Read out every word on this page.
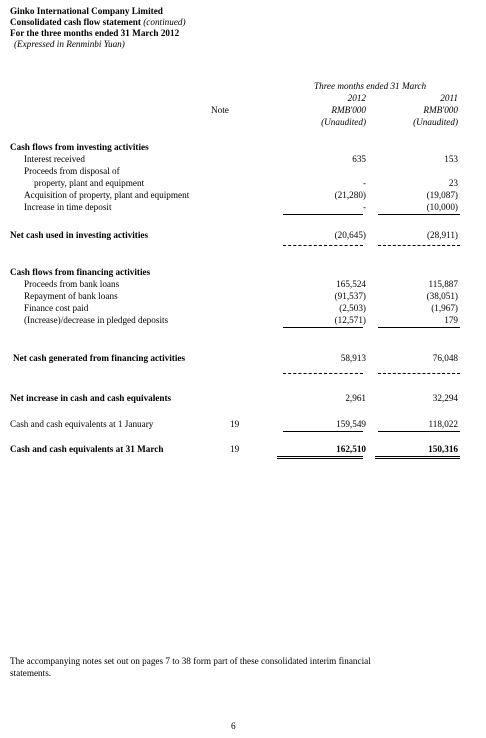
Ginko International Company Limited
Consolidated cash flow statement (continued)
For the three months ended 31 March 2012
(Expressed in Renminbi Yuan)
Three months ended 31 March
Note
2012	2011
RMB'000	RMB'000
(Unaudited)	(Unaudited)
Cash flows from investing activities
Interest received	635	153
Proceeds from disposal of
property, plant and equipment	-	23
Acquisition of property, plant and equipment	(21,280)	(19,087)
Increase in time deposit	-	(10,000)
Net cash used in investing activities	(20,645)	(28,911)
Cash flows from financing activities
Proceeds from bank loans	165,524	115,887
Repayment of bank loans	(91,537)	(38,051)
Finance cost paid	(2,503)	(1,967)
(Increase)/decrease in pledged deposits	(12,571)	179
Net cash generated from financing activities	58,913	76,048
Net increase in cash and cash equivalents	2,961	32,294
Cash and cash equivalents at 1 January	19	159,549	118,022
Cash and cash equivalents at 31 March	19	162,510	150,316
The accompanying notes set out on pages 7 to 38 form part of these consolidated interim financial
statements.
6
